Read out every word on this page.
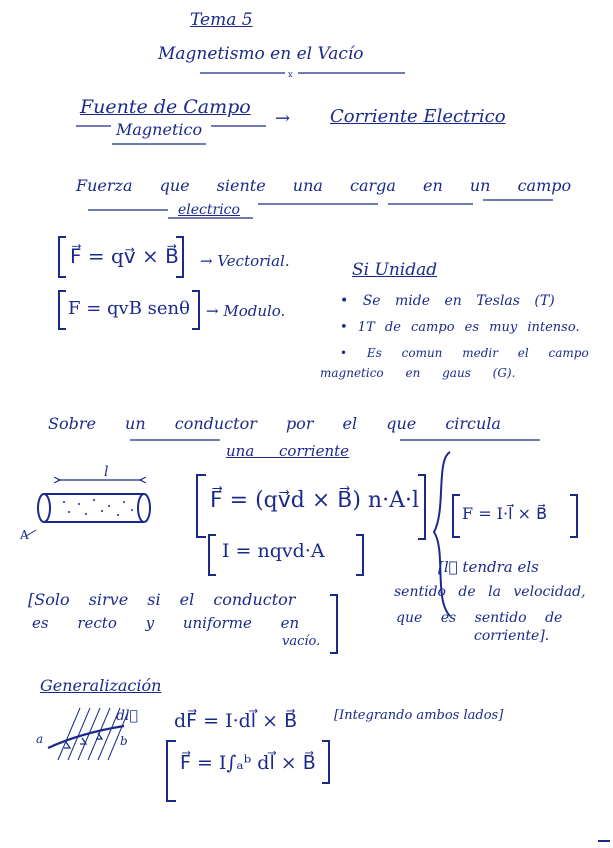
Tema 5
Magnetismo en el Vacío
x
Fuente de Campo
Magnetico
→ Corriente Electrico
Fuerza que siente una carga en un campo
electrico
F⃗ = qv⃗ × B⃗ → Vectorial.
F = qvB senθ → Modulo.
Si Unidad
• Se mide en Teslas (T)
• 1T de campo es muy intenso.
• Es comun medir el campo
magnetico en gaus (G).
Sobre un conductor por el que circula
una corriente
l
A
F⃗ = (qv⃗d × B⃗) n·A·l
I = nqvd·A
F = I·l⃗ × B⃗
[l⃗ tendra els
sentido de la velocidad,
que es sentido de
corriente].
[Solo sirve si el conductor
es recto y uniforme en
vacío.
Generalización
a	b
dl⃗ dF⃗ = I·dl⃗ × B⃗	[Integrando ambos lados]
F⃗ = I∫ₐᵇ dl⃗ × B⃗
